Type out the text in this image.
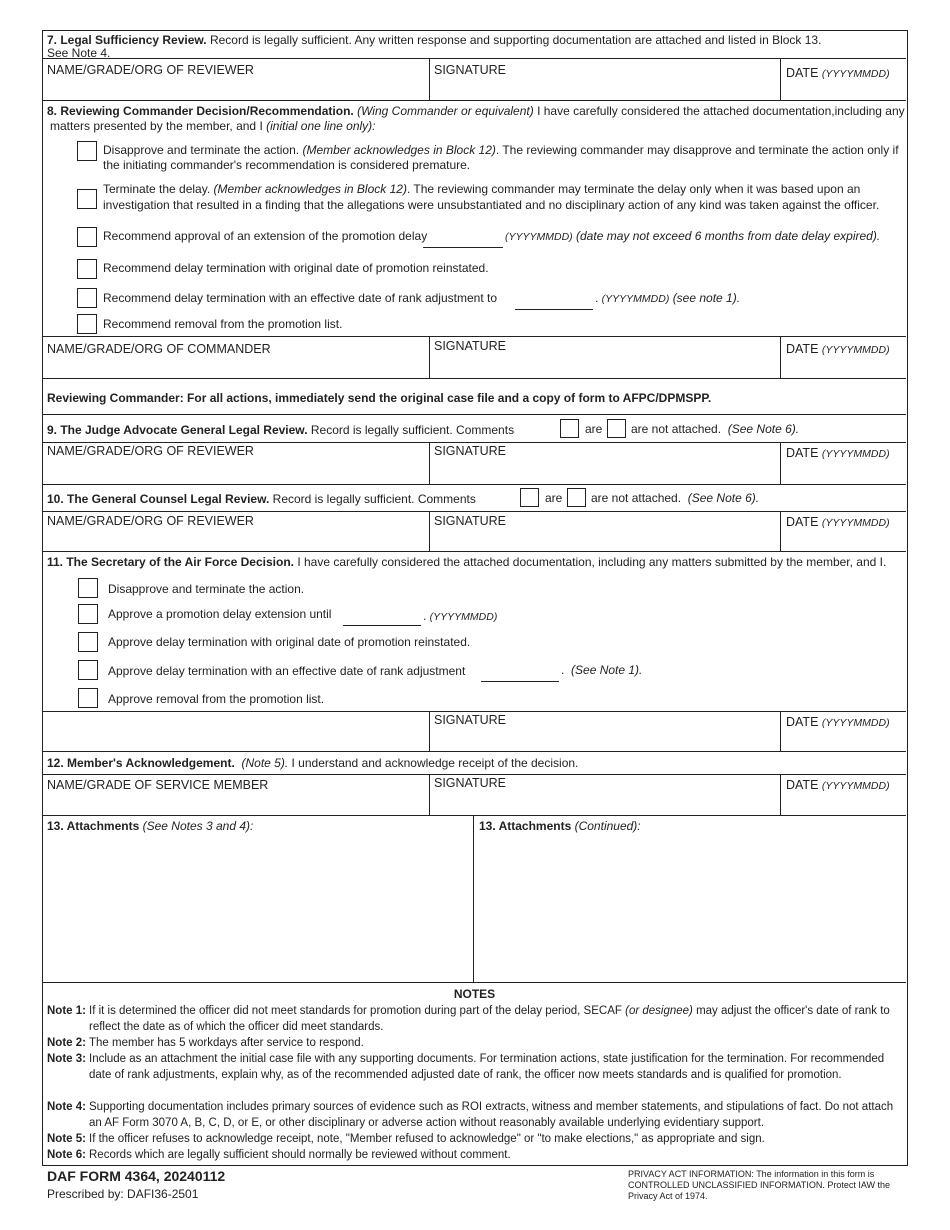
7. Legal Sufficiency Review. Record is legally sufficient. Any written response and supporting documentation are attached and listed in Block 13.
See Note 4.
NAME/GRADE/ORG OF REVIEWER	SIGNATURE	DATE (YYYYMMDD)
8. Reviewing Commander Decision/Recommendation. (Wing Commander or equivalent) I have carefully considered the attached documentation,including any
matters presented by the member, and I (initial one line only):
Disapprove and terminate the action. (Member acknowledges in Block 12). The reviewing commander may disapprove and terminate the action only if
the initiating commander's recommendation is considered premature.
Terminate the delay. (Member acknowledges in Block 12). The reviewing commander may terminate the delay only when it was based upon an
investigation that resulted in a finding that the allegations were unsubstantiated and no disciplinary action of any kind was taken against the officer.
Recommend approval of an extension of the promotion delay	(YYYYMMDD) (date may not exceed 6 months from date delay expired).
Recommend delay termination with original date of promotion reinstated.
Recommend delay termination with an effective date of rank adjustment to	. (YYYYMMDD) (see note 1).
Recommend removal from the promotion list.
NAME/GRADE/ORG OF COMMANDER	SIGNATURE	DATE (YYYYMMDD)
Reviewing Commander: For all actions, immediately send the original case file and a copy of form to AFPC/DPMSPP.
9. The Judge Advocate General Legal Review. Record is legally sufficient. Comments	are are not attached. (See Note 6).
NAME/GRADE/ORG OF REVIEWER	SIGNATURE	DATE (YYYYMMDD)
10. The General Counsel Legal Review. Record is legally sufficient. Comments	are are not attached. (See Note 6).
NAME/GRADE/ORG OF REVIEWER	SIGNATURE	DATE (YYYYMMDD)
11. The Secretary of the Air Force Decision. I have carefully considered the attached documentation, including any matters submitted by the member, and I.
Disapprove and terminate the action.
Approve a promotion delay extension until	. (YYYYMMDD)
Approve delay termination with original date of promotion reinstated.
Approve delay termination with an effective date of rank adjustment	.  (See Note 1).
Approve removal from the promotion list.
SIGNATURE	DATE (YYYYMMDD)
12. Member's Acknowledgement. (Note 5). I understand and acknowledge receipt of the decision.
NAME/GRADE OF SERVICE MEMBER	SIGNATURE	DATE (YYYYMMDD)
13. Attachments (See Notes 3 and 4):	13. Attachments (Continued):
NOTES
Note 1: If it is determined the officer did not meet standards for promotion during part of the delay period, SECAF (or designee) may adjust the officer's date of rank to reflect the date as of which the officer did meet standards.
Note 2: The member has 5 workdays after service to respond.
Note 3: Include as an attachment the initial case file with any supporting documents. For termination actions, state justification for the termination. For recommended date of rank adjustments, explain why, as of the recommended adjusted date of rank, the officer now meets standards and is qualified for promotion.
Note 4: Supporting documentation includes primary sources of evidence such as ROI extracts, witness and member statements, and stipulations of fact. Do not attach an AF Form 3070 A, B, C, D, or E, or other disciplinary or adverse action without reasonably available underlying evidentiary support.
Note 5: If the officer refuses to acknowledge receipt, note, "Member refused to acknowledge" or "to make elections," as appropriate and sign.
Note 6: Records which are legally sufficient should normally be reviewed without comment.
DAF FORM 4364, 20240112
Prescribed by: DAFI36-2501
PRIVACY ACT INFORMATION: The information in this form is CONTROLLED UNCLASSIFIED INFORMATION. Protect IAW the Privacy Act of 1974.
